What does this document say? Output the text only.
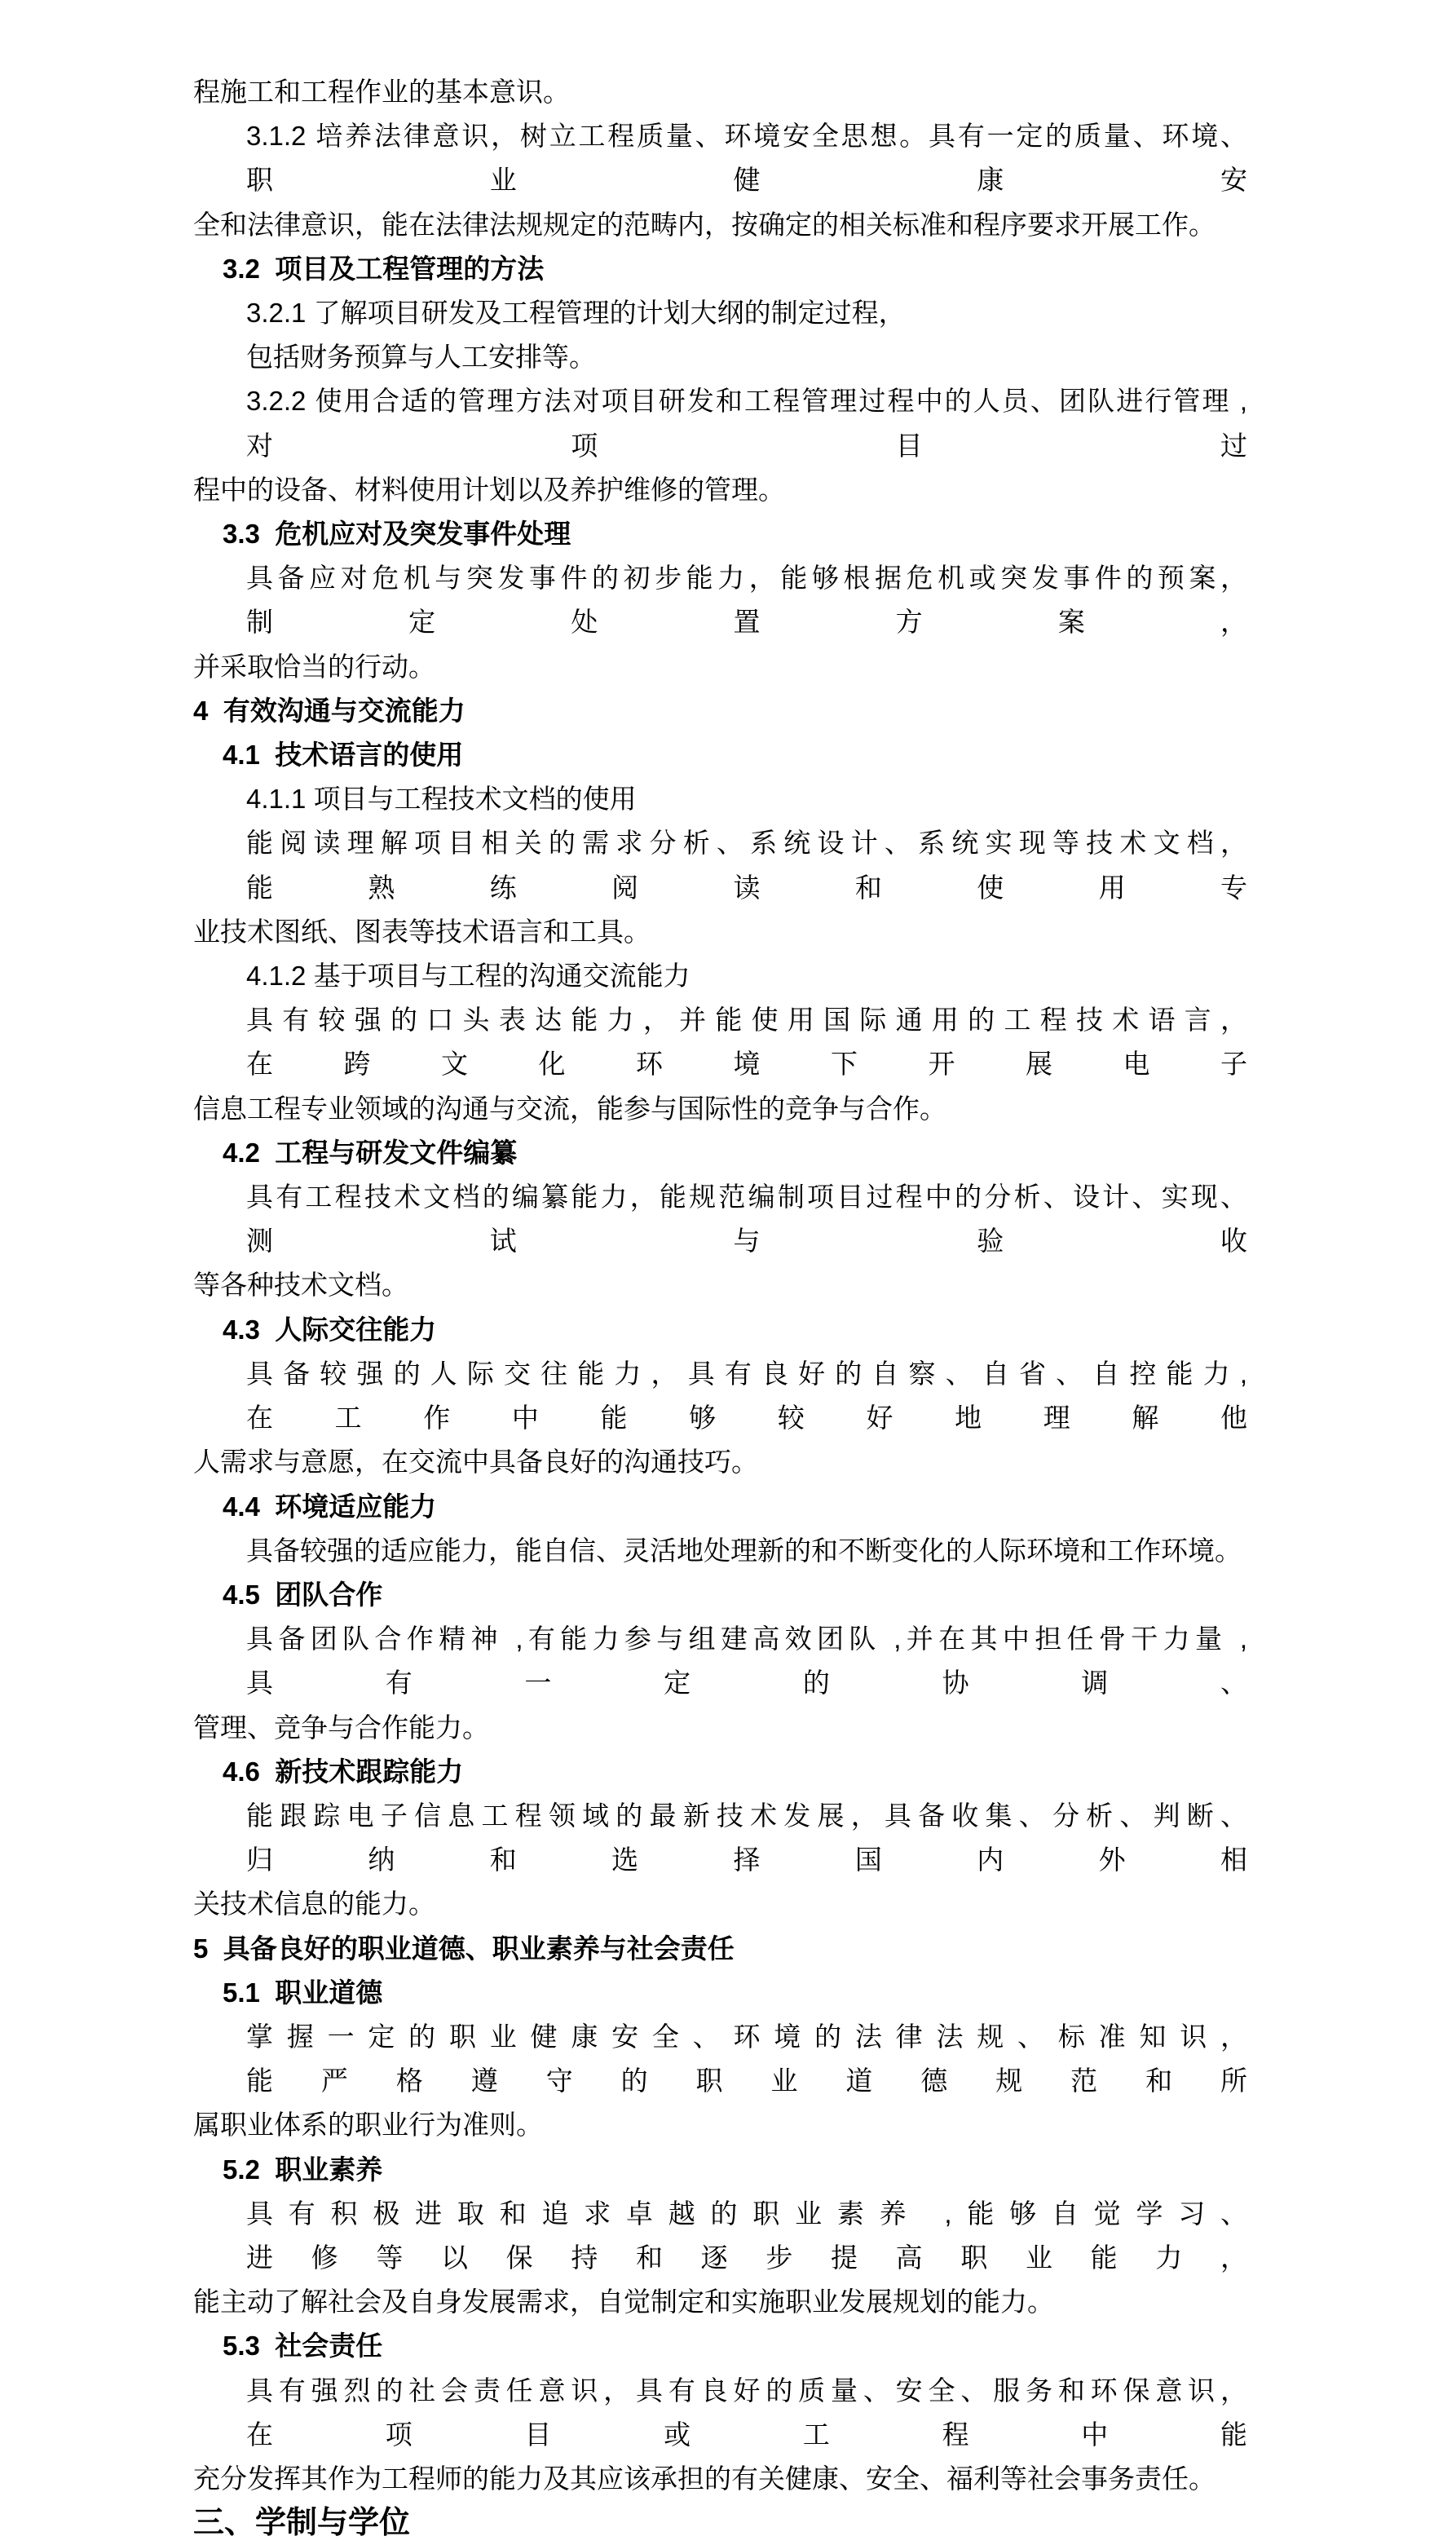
程施工和工程作业的基本意识。
3.1.2 培养法律意识，树立工程质量、环境安全思想。具有一定的质量、环境、职业健康安
全和法律意识，能在法律法规规定的范畴内，按确定的相关标准和程序要求开展工作。
3.2  项目及工程管理的方法
3.2.1 了解项目研发及工程管理的计划大纲的制定过程，包括财务预算与人工安排等。
3.2.2 使用合适的管理方法对项目研发和工程管理过程中的人员、团队进行管理 ,对项目过
程中的设备、材料使用计划以及养护维修的管理。
3.3  危机应对及突发事件处理
具备应对危机与突发事件的初步能力，能够根据危机或突发事件的预案，制定处置方案，
并采取恰当的行动。
4  有效沟通与交流能力
4.1  技术语言的使用
4.1.1 项目与工程技术文档的使用
能阅读理解项目相关的需求分析、系统设计、系统实现等技术文档，能熟练阅读和使用专
业技术图纸、图表等技术语言和工具。
4.1.2 基于项目与工程的沟通交流能力
具有较强的口头表达能力，并能使用国际通用的工程技术语言，在跨文化环境下开展电子
信息工程专业领域的沟通与交流，能参与国际性的竞争与合作。
4.2  工程与研发文件编纂
具有工程技术文档的编纂能力，能规范编制项目过程中的分析、设计、实现、测试与验收
等各种技术文档。
4.3  人际交往能力
具备较强的人际交往能力，具有良好的自察、自省、自控能力,在工作中能够较好地理解他
人需求与意愿，在交流中具备良好的沟通技巧。
4.4  环境适应能力
具备较强的适应能力，能自信、灵活地处理新的和不断变化的人际环境和工作环境。
4.5  团队合作
具备团队合作精神 ,有能力参与组建高效团队 ,并在其中担任骨干力量 ,具有一定的协调、
管理、竞争与合作能力。
4.6  新技术跟踪能力
能跟踪电子信息工程领域的最新技术发展，具备收集、分析、判断、归纳和选择国内外相
关技术信息的能力。
5  具备良好的职业道德、职业素养与社会责任
5.1  职业道德
掌握一定的职业健康安全、环境的法律法规、标准知识，能严格遵守的职业道德规范和所
属职业体系的职业行为准则。
5.2  职业素养
具有积极进取和追求卓越的职业素养 ,能够自觉学习、进修等以保持和逐步提高职业能力，
能主动了解社会及自身发展需求，自觉制定和实施职业发展规划的能力。
5.3  社会责任
具有强烈的社会责任意识，具有良好的质量、安全、服务和环保意识，在项目或工程中能
充分发挥其作为工程师的能力及其应该承担的有关健康、安全、福利等社会事务责任。
三、学制与学位
